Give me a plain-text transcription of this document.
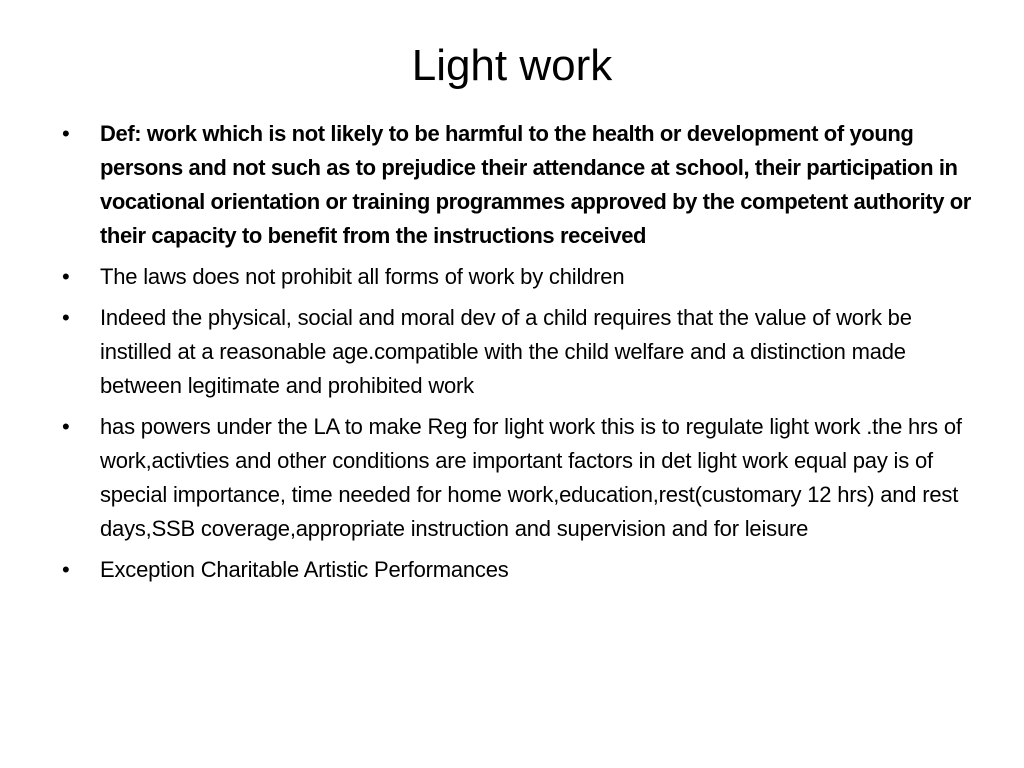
Light work
•	Def: work which is not likely to be harmful to the health or development of young persons and not such as to prejudice their attendance at school, their participation in vocational orientation or training programmes approved by the competent authority or their capacity to benefit from the instructions received
•	The laws does not prohibit all forms of work by children
•	Indeed the physical, social and moral dev of a child requires that the value of work be instilled at a reasonable age.compatible with the child welfare and a distinction made between legitimate and prohibited work
•	has powers under the LA to make Reg for light work this is to regulate light work .the hrs of work,activties and other conditions are important factors in det light work equal pay is of special importance, time needed for home work,education,rest(customary 12 hrs) and rest days,SSB coverage,appropriate instruction and supervision and for leisure
•	Exception Charitable Artistic Performances
